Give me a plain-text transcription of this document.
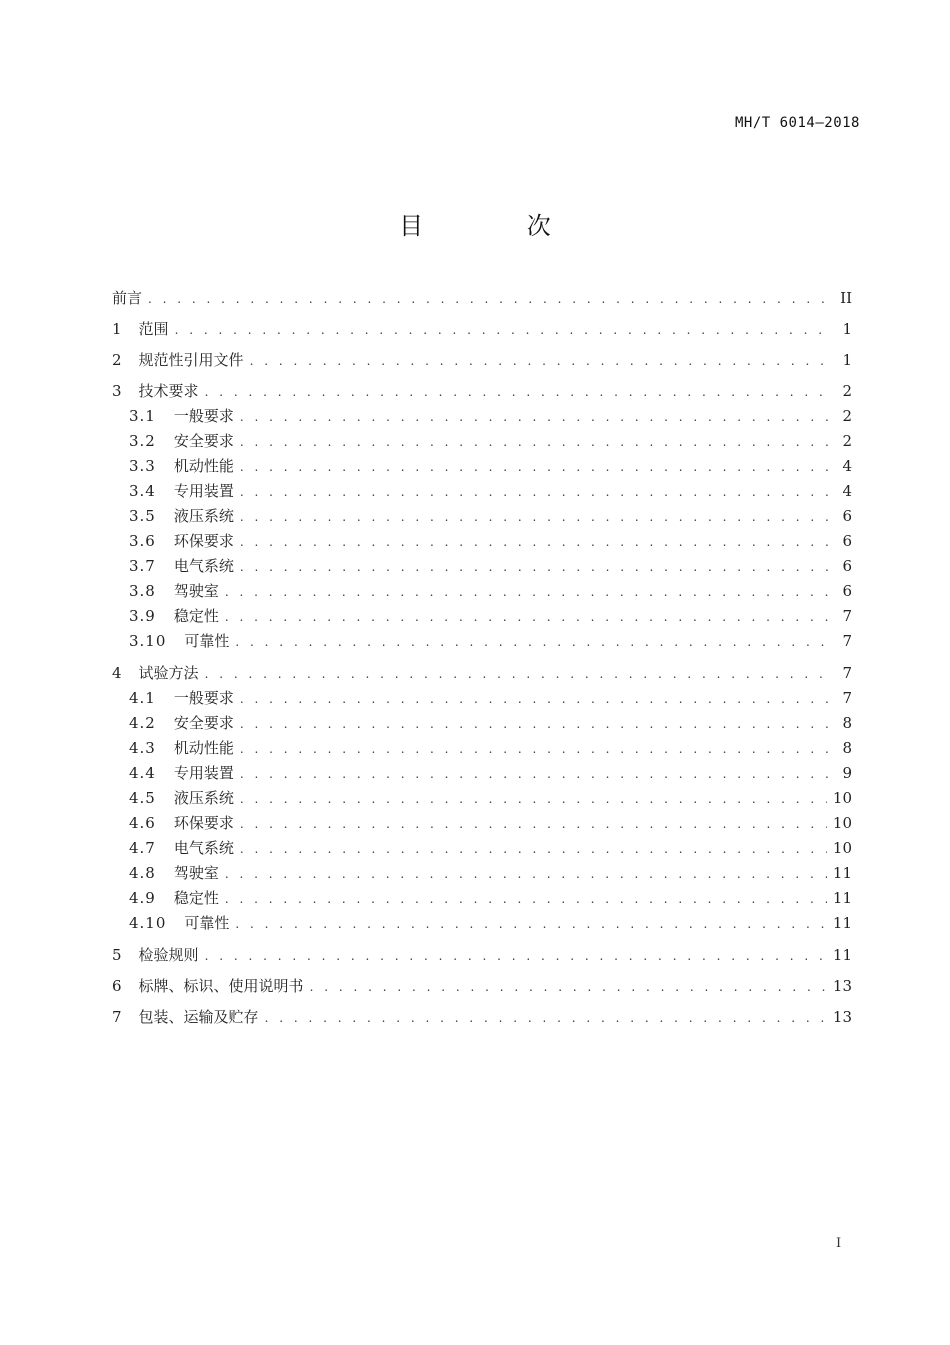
MH/T 6014—2018
目 次
前言 . . .	II
1 范围 . . .	1
2 规范性引用文件 . . .	1
3 技术要求 . . .	2
3.1 一般要求 . . .	2
3.2 安全要求 . . .	2
3.3 机动性能 . . .	4
3.4 专用装置 . . .	4
3.5 液压系统 . . .	6
3.6 环保要求 . . .	6
3.7 电气系统 . . .	6
3.8 驾驶室 . . .	6
3.9 稳定性 . . .	7
3.10 可靠性 . . .	7
4 试验方法 . . .	7
4.1 一般要求 . . .	7
4.2 安全要求 . . .	8
4.3 机动性能 . . .	8
4.4 专用装置 . . .	9
4.5 液压系统 . . .	10
4.6 环保要求 . . .	10
4.7 电气系统 . . .	10
4.8 驾驶室 . . .	11
4.9 稳定性 . . .	11
4.10 可靠性 . . .	11
5 检验规则 . . .	11
6 标牌、标识、使用说明书 . . .	13
7 包装、运输及贮存 . . .	13
I
